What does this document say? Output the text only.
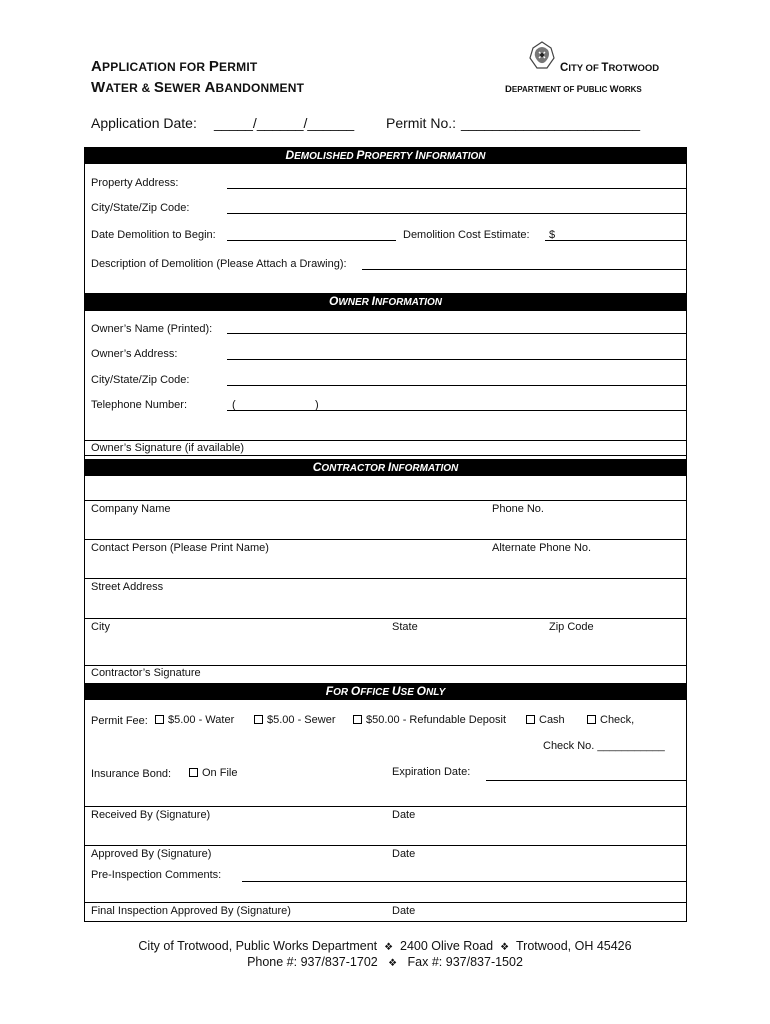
APPLICATION FOR PERMIT
WATER & SEWER ABANDONMENT
CITY OF TROTWOOD
DEPARTMENT OF PUBLIC WORKS
Application Date: _____/______/______ Permit No.: _______________________
DEMOLISHED PROPERTY INFORMATION
Property Address:
City/State/Zip Code:
Date Demolition to Begin:	Demolition Cost Estimate: $
Description of Demolition (Please Attach a Drawing):
OWNER INFORMATION
Owner’s Name (Printed):
Owner’s Address:
City/State/Zip Code:
Telephone Number:	(	)
Owner’s Signature (if available)
CONTRACTOR INFORMATION
Company Name	Phone No.
Contact Person (Please Print Name)	Alternate Phone No.
Street Address
City	State	Zip Code
Contractor’s Signature
FOR OFFICE USE ONLY
Permit Fee:	$5.00 - Water	$5.00 - Sewer	$50.00 - Refundable Deposit	Cash	Check,
Check No. ___________
Insurance Bond:	On File	Expiration Date:
Received By (Signature)	Date
Approved By (Signature)	Date
Pre-Inspection Comments:
Final Inspection Approved By (Signature)	Date
City of Trotwood, Public Works Department ❖ 2400 Olive Road ❖ Trotwood, OH 45426
Phone #: 937/837-1702 ❖ Fax #: 937/837-1502
